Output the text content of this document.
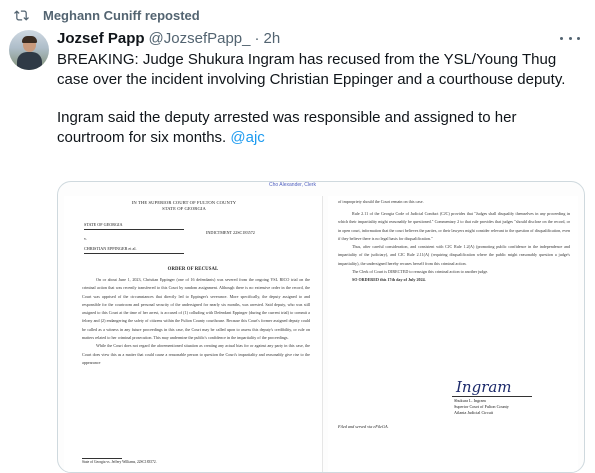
Meghann Cuniff reposted
Jozsef Papp @JozsefPapp_ · 2h

BREAKING: Judge Shukura Ingram has recused from the YSL/Young Thug case over the incident involving Christian Eppinger and a courthouse deputy.

Ingram said the deputy arrested was responsible and assigned to her courtroom for six months. @ajc

Cho Alexander, Clerk
IN THE SUPERIOR COURT OF FULTON COUNTY
STATE OF GEORGIA
STATE OF GEORGIA
v.
CHRISTIAN EPPINGER et al.
INDICTMENT 22SC183572
ORDER OF RECUSAL

On or about June 1, 2023, Christian Eppinger (one of 16 defendants) was severed from the ongoing YSL RICO trial on the criminal action that was recently transferred to this Court by random assignment. Although there is no extensive order in the record, the Court was apprised of the circumstances that directly led to Eppinger's severance. More specifically, the deputy assigned to and responsible for the courtroom and personal security of the undersigned for nearly six months, was arrested. Said deputy, who was still assigned to this Court at the time of her arrest, is accused of (1) colluding with Defendant Eppinger (during the current trial) to commit a felony and (2) endangering the safety of citizens within the Fulton County courthouse. Because this Court's former assigned deputy could be called as a witness in any future proceedings in this case, the Court may be called upon to assess this deputy's credibility, or rule on matters related to her criminal prosecution. This may undermine the public's confidence in the impartiality of the proceedings.

While the Court does not regard the aforementioned situation as creating any actual bias for or against any party in this case, the Court does view this as a matter that could cause a reasonable person to question the Court's impartiality and reasonably give rise to the appearance

State of Georgia vs. Jeffery Williams, 22SC183572.
of impropriety should the Court remain on this case.

Rule 2.11 of the Georgia Code of Judicial Conduct (CJC) provides that "Judges shall disqualify themselves in any proceeding in which their impartiality might reasonably be questioned." Commentary 2 to that rule provides that judges "should disclose on the record, or in open court, information that the court believes the parties, or their lawyers might consider relevant to the question of disqualification, even if they believe there is no legal basis for disqualification."

Thus, after careful consideration, and consistent with CJC Rule 1.2(A) (promoting public confidence in the independence and impartiality of the judiciary), and CJC Rule 2.11(A) (requiring disqualification where the public might reasonably question a judge's impartiality), the undersigned hereby recuses herself from this criminal action.

The Clerk of Court is DIRECTED to reassign this criminal action to another judge.

SO ORDERED this 17th day of July 2024.

Ingram
Shukura L. Ingram
Superior Court of Fulton County
Atlanta Judicial Circuit
Filed and served via eFileGA.
